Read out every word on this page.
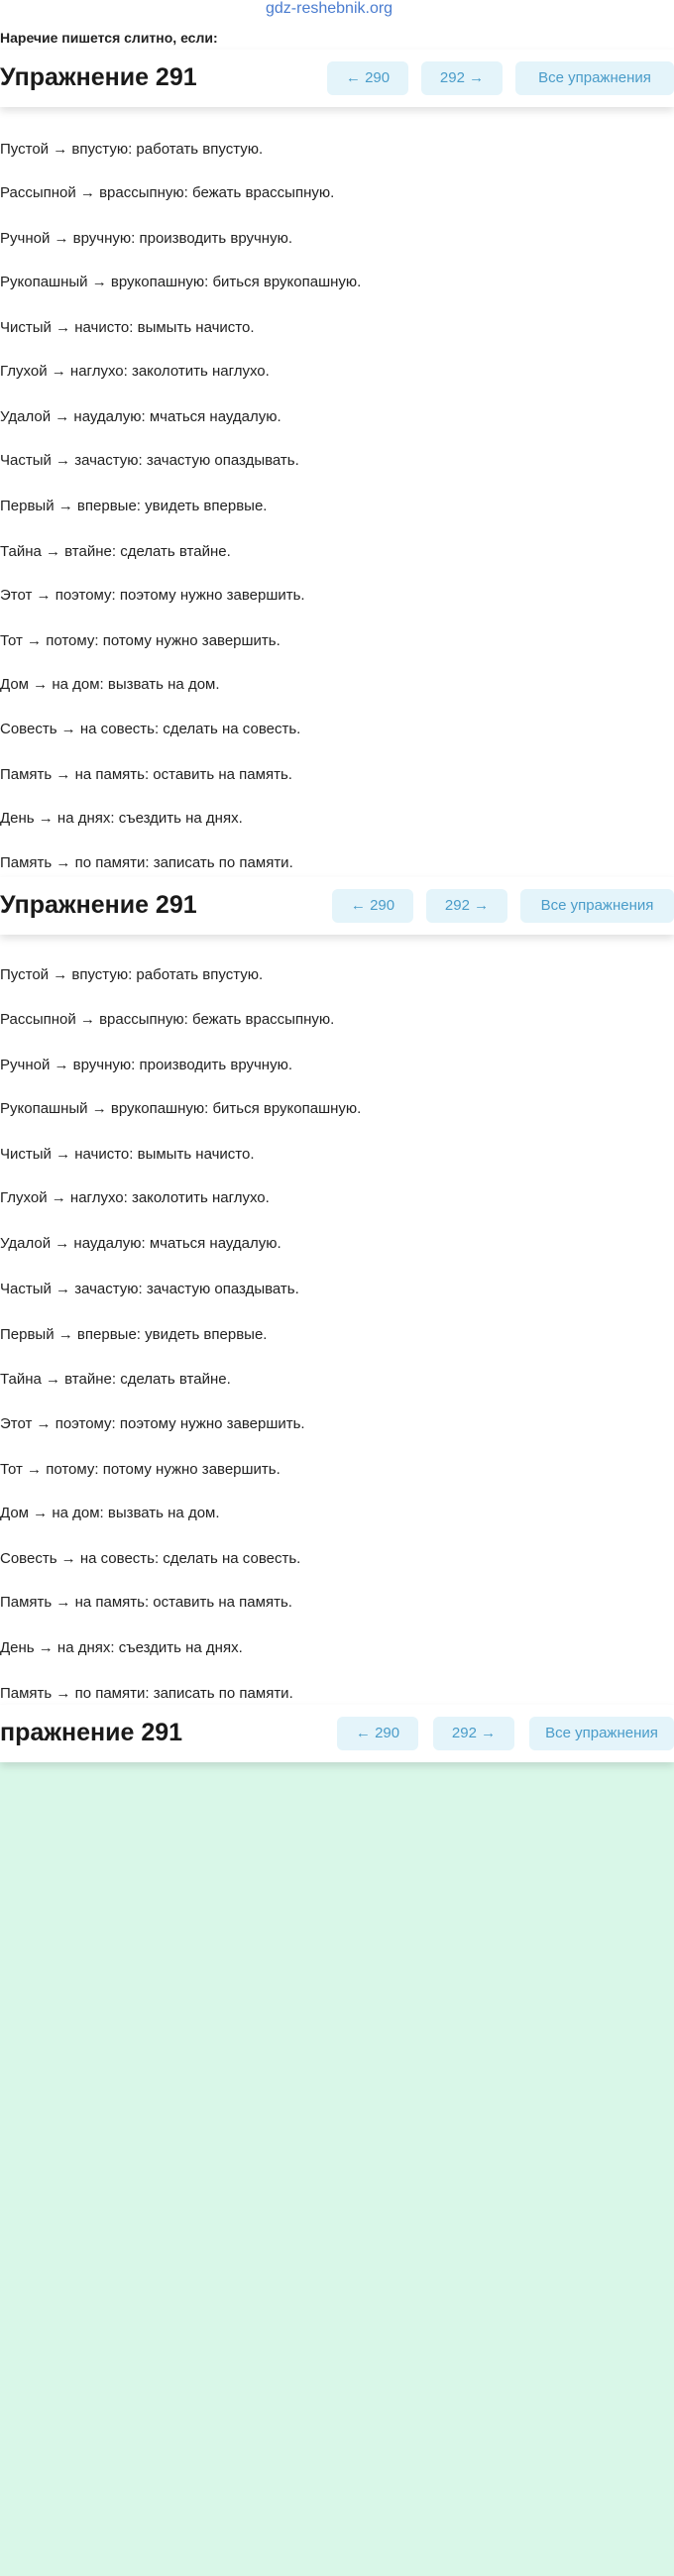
gdz-reshebnik.org
Наречие пишется слитно, если:
Упражнение 291	← 290	292 →	Все упражнения
Пустой → впустую: работать впустую.
Рассыпной → врассыпную: бежать врассыпную.
Ручной → вручную: производить вручную.
Рукопашный → врукопашную: биться врукопашную.
Чистый → начисто: вымыть начисто.
Глухой → наглухо: заколотить наглухо.
Удалой → наудалую: мчаться наудалую.
Частый → зачастую: зачастую опаздывать.
Первый → впервые: увидеть впервые.
Тайна → втайне: сделать втайне.
Этот → поэтому: поэтому нужно завершить.
Тот → потому: потому нужно завершить.
Дом → на дом: вызвать на дом.
Совесть → на совесть: сделать на совесть.
Память → на память: оставить на память.
День → на днях: съездить на днях.
Память → по памяти: записать по памяти.
Упражнение 291	← 290	292 →	Все упражнения
Пустой → впустую: работать впустую.
Рассыпной → врассыпную: бежать врассыпную.
Ручной → вручную: производить вручную.
Рукопашный → врукопашную: биться врукопашную.
Чистый → начисто: вымыть начисто.
Глухой → наглухо: заколотить наглухо.
Удалой → наудалую: мчаться наудалую.
Частый → зачастую: зачастую опаздывать.
Первый → впервые: увидеть впервые.
Тайна → втайне: сделать втайне.
Этот → поэтому: поэтому нужно завершить.
Тот → потому: потому нужно завершить.
Дом → на дом: вызвать на дом.
Совесть → на совесть: сделать на совесть.
Память → на память: оставить на память.
День → на днях: съездить на днях.
Память → по памяти: записать по памяти.
пражнение 291	← 290	292 →	Все упражнения
